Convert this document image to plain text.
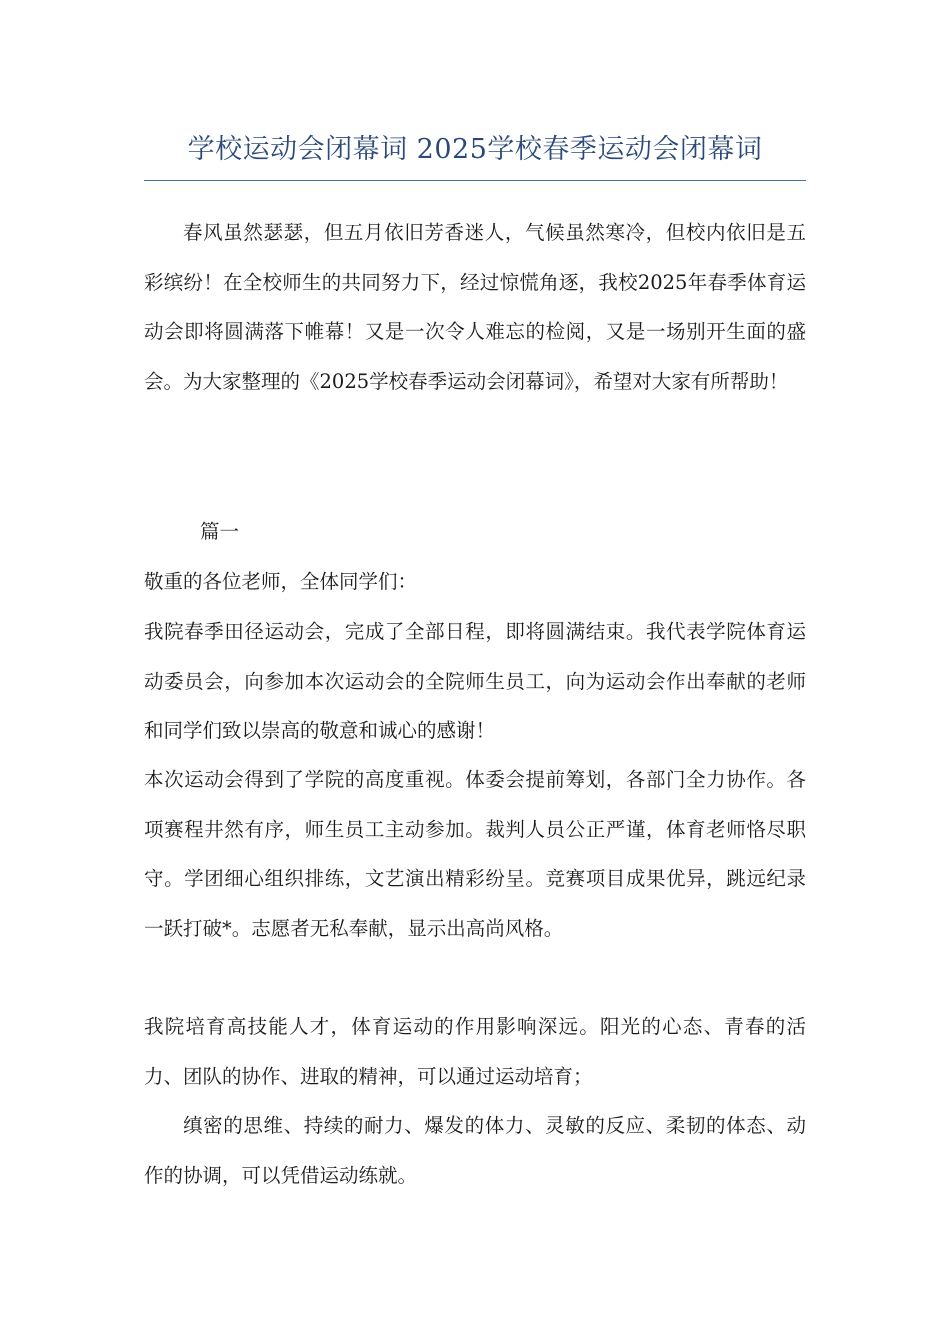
学校运动会闭幕词 2025学校春季运动会闭幕词

春风虽然瑟瑟，但五月依旧芳香迷人，气候虽然寒冷，但校内依旧是五彩缤纷！在全校师生的共同努力下，经过惊慌角逐，我校2025年春季体育运动会即将圆满落下帷幕！又是一次令人难忘的检阅，又是一场别开生面的盛会。为大家整理的《2025学校春季运动会闭幕词》，希望对大家有所帮助！

篇一

敬重的各位老师，全体同学们：

我院春季田径运动会，完成了全部日程，即将圆满结束。我代表学院体育运动委员会，向参加本次运动会的全院师生员工，向为运动会作出奉献的老师和同学们致以崇高的敬意和诚心的感谢！

本次运动会得到了学院的高度重视。体委会提前筹划，各部门全力协作。各项赛程井然有序，师生员工主动参加。裁判人员公正严谨，体育老师恪尽职守。学团细心组织排练，文艺演出精彩纷呈。竞赛项目成果优异，跳远纪录一跃打破*。志愿者无私奉献，显示出高尚风格。

我院培育高技能人才，体育运动的作用影响深远。阳光的心态、青春的活力、团队的协作、进取的精神，可以通过运动培育；

缜密的思维、持续的耐力、爆发的体力、灵敏的反应、柔韧的体态、动作的协调，可以凭借运动练就。
